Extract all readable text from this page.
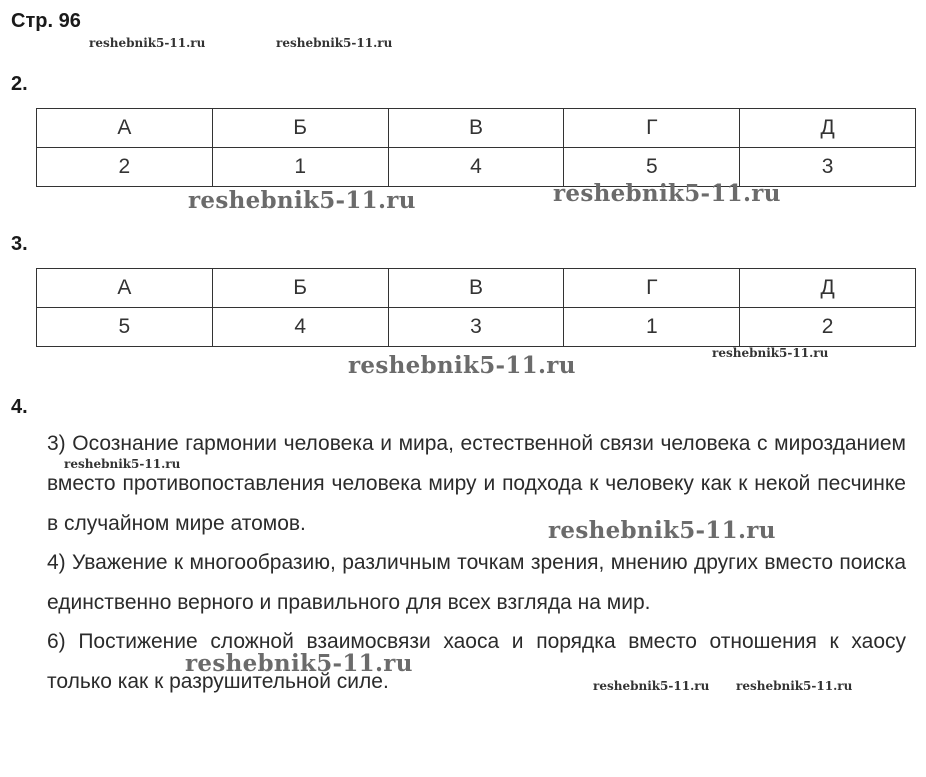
Стр. 96
2.
А	Б	В	Г	Д
2	1	4	5	3
3.
А	Б	В	Г	Д
5	4	3	1	2
4.

3) Осознание гармонии человека и мира, естественной связи человека с мирозданием вместо противопоставления человека миру и подхода к человеку как к некой песчинке в случайном мире атомов.

4) Уважение к многообразию, различным точкам зрения, мнению других вместо поиска единственно верного и правильного для всех взгляда на мир.

6) Постижение сложной взаимосвязи хаоса и порядка вместо отношения к хаосу только как к разрушительной силе.

reshebnik5-11.ru	reshebnik5-11.ru
reshebnik5-11.ru	reshebnik5-11.ru
reshebnik5-11.ru	reshebnik5-11.ru
reshebnik5-11.ru
reshebnik5-11.ru
reshebnik5-11.ru
reshebnik5-11.ru reshebnik5-11.ru
